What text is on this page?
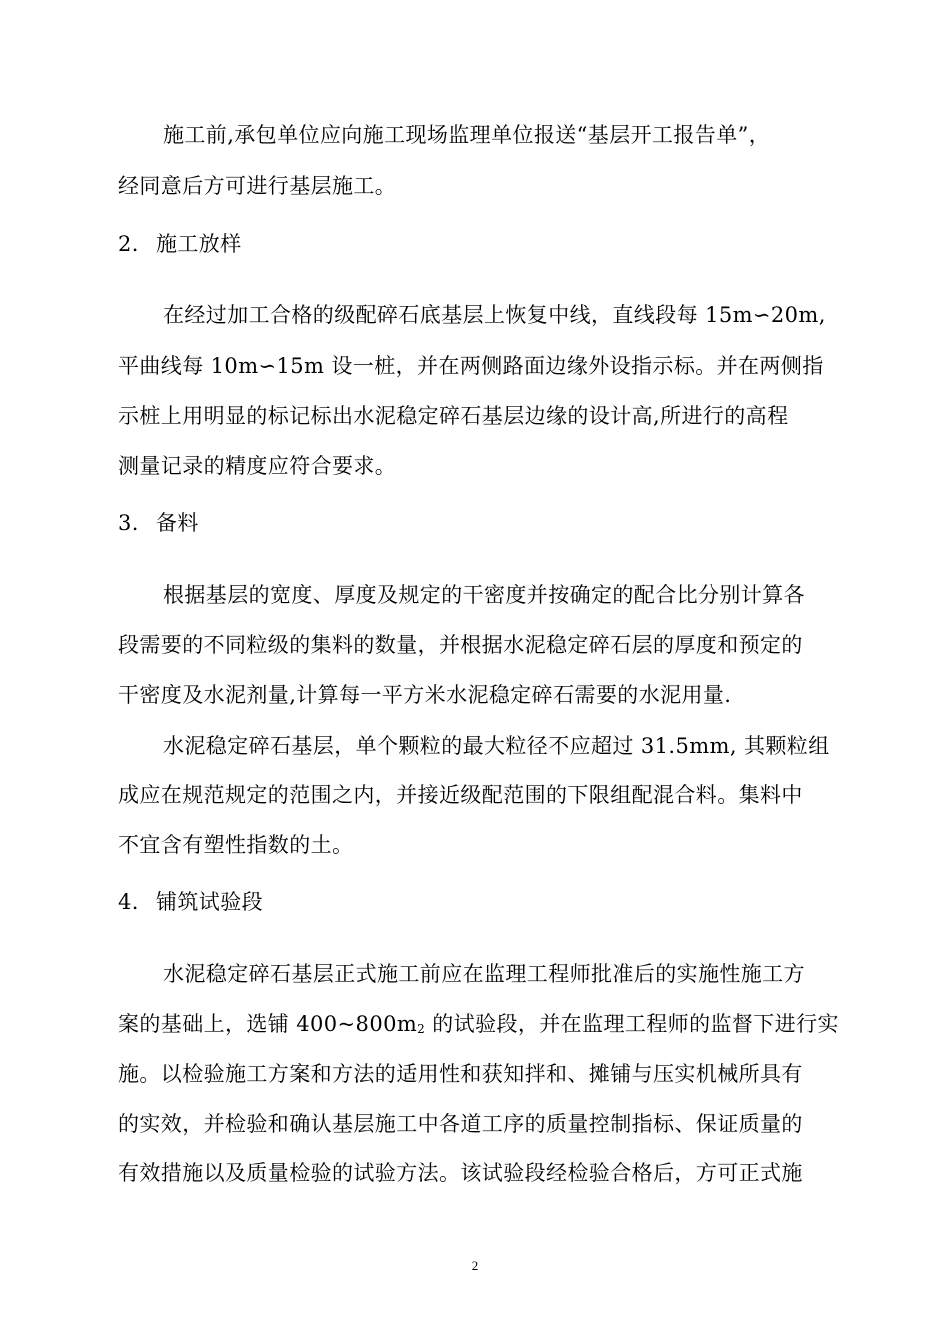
施工前,承包单位应向施工现场监理单位报送“基层开工报告单”，
经同意后方可进行基层施工。
2. 施工放样
在经过加工合格的级配碎石底基层上恢复中线，直线段每 15m∽20m,
平曲线每 10m∽15m 设一桩，并在两侧路面边缘外设指示标。并在两侧指
示桩上用明显的标记标出水泥稳定碎石基层边缘的设计高,所进行的高程
测量记录的精度应符合要求。
3. 备料
根据基层的宽度、厚度及规定的干密度并按确定的配合比分别计算各
段需要的不同粒级的集料的数量，并根据水泥稳定碎石层的厚度和预定的
干密度及水泥剂量,计算每一平方米水泥稳定碎石需要的水泥用量.
水泥稳定碎石基层，单个颗粒的最大粒径不应超过 31.5mm, 其颗粒组
成应在规范规定的范围之内，并接近级配范围的下限组配混合料。集料中
不宜含有塑性指数的土。
4. 铺筑试验段
水泥稳定碎石基层正式施工前应在监理工程师批准后的实施性施工方
案的基础上，选铺 $400\sim 800m_2$ 的试验段，并在监理工程师的监督下进行实
施。以检验施工方案和方法的适用性和获知拌和、摊铺与压实机械所具有
的实效，并检验和确认基层施工中各道工序的质量控制指标、保证质量的
有效措施以及质量检验的试验方法。该试验段经检验合格后，方可正式施
2
